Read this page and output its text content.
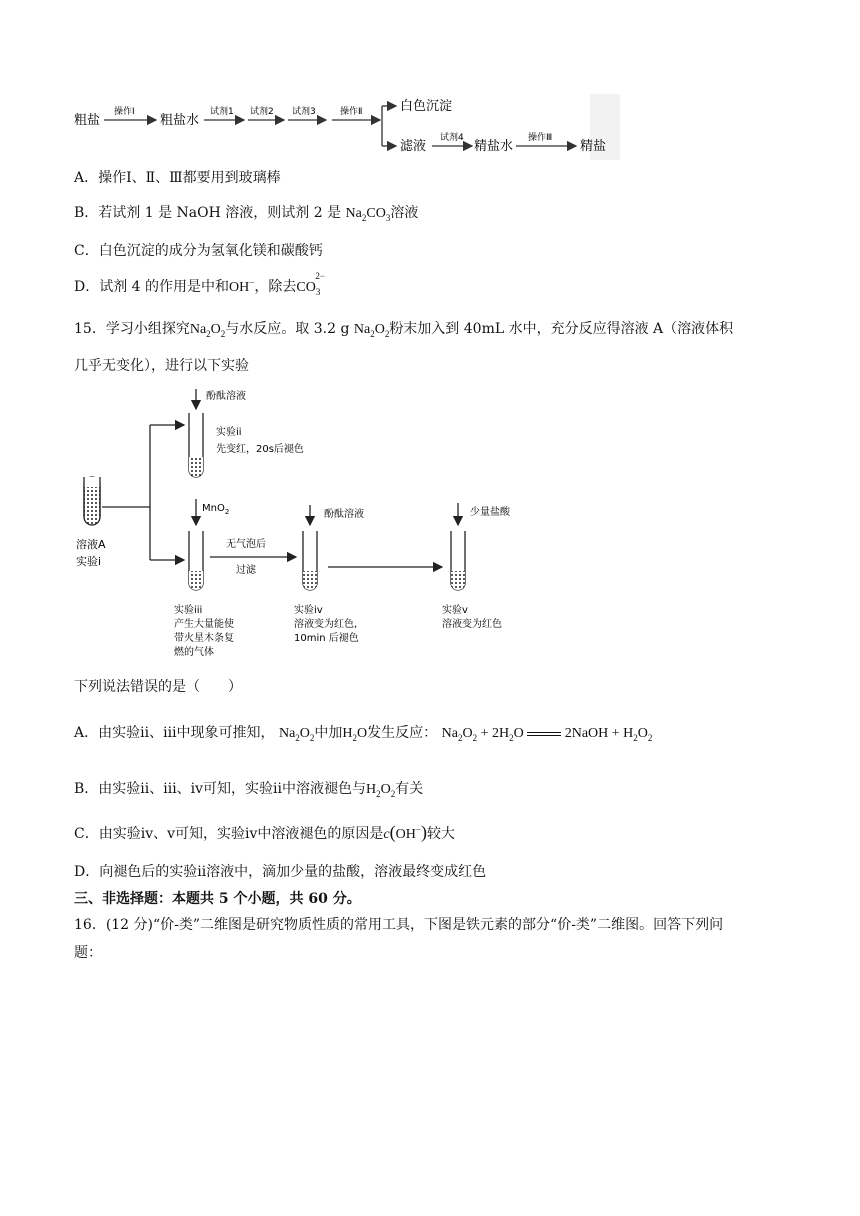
粗盐
操作Ⅰ
粗盐水
试剂1 试剂2 试剂3	操作Ⅱ	白色沉淀
滤液
试剂4
精盐水
操作Ⅲ
精盐
A．操作Ⅰ、Ⅱ、Ⅲ都要用到玻璃棒
B．若试剂 1 是 NaOH 溶液，则试剂 2 是 $Na_2CO_3$溶液
C．白色沉淀的成分为氢氧化镁和碳酸钙
D．试剂 4 的作用是中和OH−，除去$CO_3^{2-}$
15．学习小组探究$Na_2O_2$与水反应。取 3.2 g $Na_2O_2$粉末加入到 40mL 水中，充分反应得溶液 A（溶液体积
几乎无变化），进行以下实验
溶液A
实验i
酚酞溶液
实验ii
先变红，20s后褪色
MnO$_2$
实验iii
产生大量能使
带火星木条复
燃的气体
无气泡后
过滤
酚酞溶液
实验iv
溶液变为红色,
10min 后褪色
少量盐酸
实验v
溶液变为红色
下列说法错误的是（　　）
A．由实验ⅱ、ⅲ中现象可推知， $Na_2O_2$中加$H_2O$发生反应： $Na_2O_2 + 2H_2O$  2NaOH + $H_2O_2$
B．由实验ⅱ、ⅲ、ⅳ可知，实验ⅱ中溶液褪色与$H_2O_2$有关
C．由实验ⅳ、ⅴ可知，实验ⅳ中溶液褪色的原因是c(OH−)较大
D．向褪色后的实验ⅱ溶液中，滴加少量的盐酸，溶液最终变成红色
三、非选择题：本题共 5 个小题，共 60 分。
16．(12 分)“价-类”二维图是研究物质性质的常用工具，下图是铁元素的部分“价-类”二维图。回答下列问
题：
